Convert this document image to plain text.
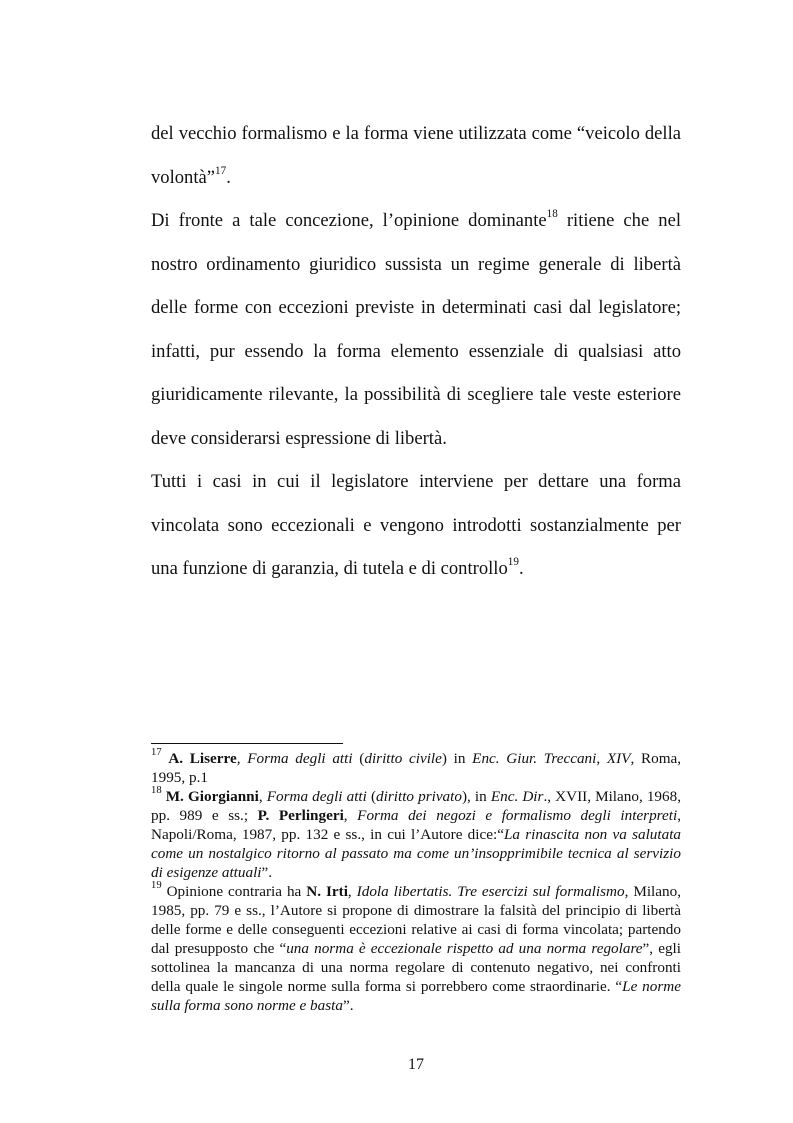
del vecchio formalismo e la forma viene utilizzata come “veicolo della volontà”$^{17}$.

Di fronte a tale concezione, l’opinione dominante$^{18}$ ritiene che nel nostro ordinamento giuridico sussista un regime generale di libertà delle forme con eccezioni previste in determinati casi dal legislatore; infatti, pur essendo la forma elemento essenziale di qualsiasi atto giuridicamente rilevante, la possibilità di scegliere tale veste esteriore deve considerarsi espressione di libertà.

Tutti i casi in cui il legislatore interviene per dettare una forma vincolata sono eccezionali e vengono introdotti sostanzialmente per una funzione di garanzia, di tutela e di controllo$^{19}$.

$^{17}$ A. Liserre, Forma degli atti (diritto civile) in Enc. Giur. Treccani, XIV, Roma, 1995, p.1

$^{18}$ M. Giorgianni, Forma degli atti (diritto privato), in Enc. Dir., XVII, Milano, 1968, pp. 989 e ss.; P. Perlingeri, Forma dei negozi e formalismo degli interpreti, Napoli/Roma, 1987, pp. 132 e ss., in cui l’Autore dice:“La rinascita non va salutata come un nostalgico ritorno al passato ma come un’insopprimibile tecnica al servizio di esigenze attuali”.

$^{19}$ Opinione contraria ha N. Irti, Idola libertatis. Tre esercizi sul formalismo, Milano, 1985, pp. 79 e ss., l’Autore si propone di dimostrare la falsità del principio di libertà delle forme e delle conseguenti eccezioni relative ai casi di forma vincolata; partendo dal presupposto che “una norma è eccezionale rispetto ad una norma regolare”, egli sottolinea la mancanza di una norma regolare di contenuto negativo, nei confronti della quale le singole norme sulla forma si porrebbero come straordinarie. “Le norme sulla forma sono norme e basta”.

17
